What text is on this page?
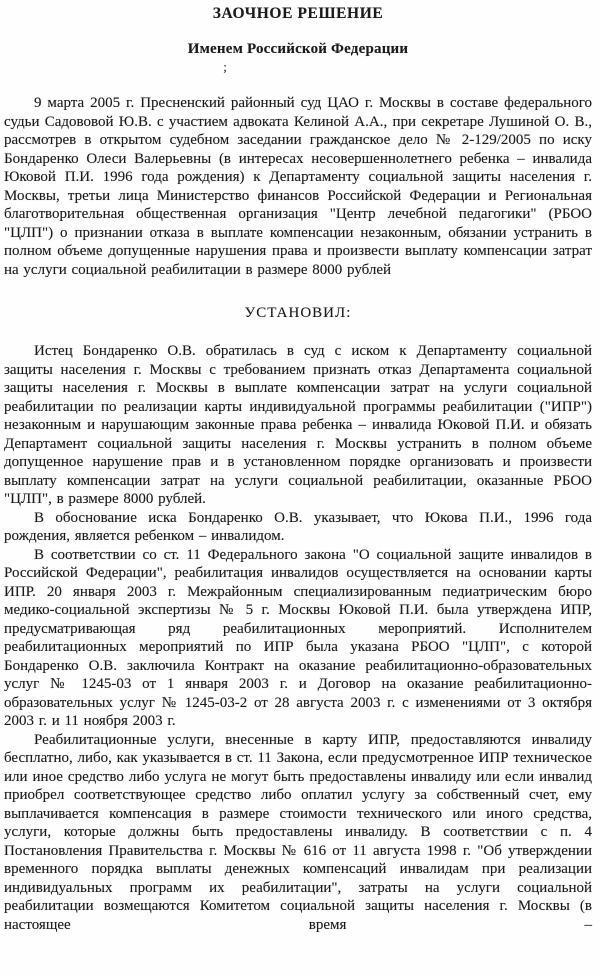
ЗАОЧНОЕ РЕШЕНИЕ
Именем Российской Федерации
;

9 марта 2005 г. Пресненский районный суд ЦАО г. Москвы в составе федерального судьи Садововой Ю.В. с участием адвоката Келиной А.А., при секретаре Лушиной О. В., рассмотрев в открытом судебном заседании гражданское дело № 2-129/2005 по иску Бондаренко Олеси Валерьевны (в интересах несовершеннолетнего ребенка – инвалида Юковой П.И. 1996 года рождения) к Департаменту социальной защиты населения г. Москвы, третьи лица Министерство финансов Российской Федерации и Региональная благотворительная общественная организация "Центр лечебной педагогики" (РБОО "ЦЛП") о признании отказа в выплате компенсации незаконным, обязании устранить в полном объеме допущенные нарушения права и произвести выплату компенсации затрат на услуги социальной реабилитации в размере 8000 рублей

УСТАНОВИЛ:

Истец Бондаренко О.В. обратилась в суд с иском к Департаменту социальной защиты населения г. Москвы с требованием признать отказ Департамента социальной защиты населения г. Москвы в выплате компенсации затрат на услуги социальной реабилитации по реализации карты индивидуальной программы реабилитации ("ИПР") незаконным и нарушающим законные права ребенка – инвалида Юковой П.И. и обязать Департамент социальной защиты населения г. Москвы устранить в полном объеме допущенное нарушение прав и в установленном порядке организовать и произвести выплату компенсации затрат на услуги социальной реабилитации, оказанные РБОО "ЦЛП", в размере 8000 рублей.

В обоснование иска Бондаренко О.В. указывает, что Юкова П.И., 1996 года рождения, является ребенком – инвалидом.

В соответствии со ст. 11 Федерального закона "О социальной защите инвалидов в Российской Федерации", реабилитация инвалидов осуществляется на основании карты ИПР. 20 января 2003 г. Межрайонным специализированным педиатрическим бюро медико-социальной экспертизы № 5 г. Москвы Юковой П.И. была утверждена ИПР, предусматривающая ряд реабилитационных мероприятий. Исполнителем реабилитационных мероприятий по ИПР была указана РБОО "ЦЛП", с которой Бондаренко О.В. заключила Контракт на оказание реабилитационно-образовательных услуг № 1245-03 от 1 января 2003 г. и Договор на оказание реабилитационно-образовательных услуг № 1245-03-2 от 28 августа 2003 г. с изменениями от 3 октября 2003 г. и 11 ноября 2003 г.

Реабилитационные услуги, внесенные в карту ИПР, предоставляются инвалиду бесплатно, либо, как указывается в ст. 11 Закона, если предусмотренное ИПР техническое или иное средство либо услуга не могут быть предоставлены инвалиду или если инвалид приобрел соответствующее средство либо оплатил услугу за собственный счет, ему выплачивается компенсация в размере стоимости технического или иного средства, услуги, которые должны быть предоставлены инвалиду. В соответствии с п. 4 Постановления Правительства г. Москвы № 616 от 11 августа 1998 г. "Об утверждении временного порядка выплаты денежных компенсаций инвалидам при реализации индивидуальных программ их реабилитации", затраты на услуги социальной реабилитации возмещаются Комитетом социальной защиты населения г. Москвы (в настоящее время –
